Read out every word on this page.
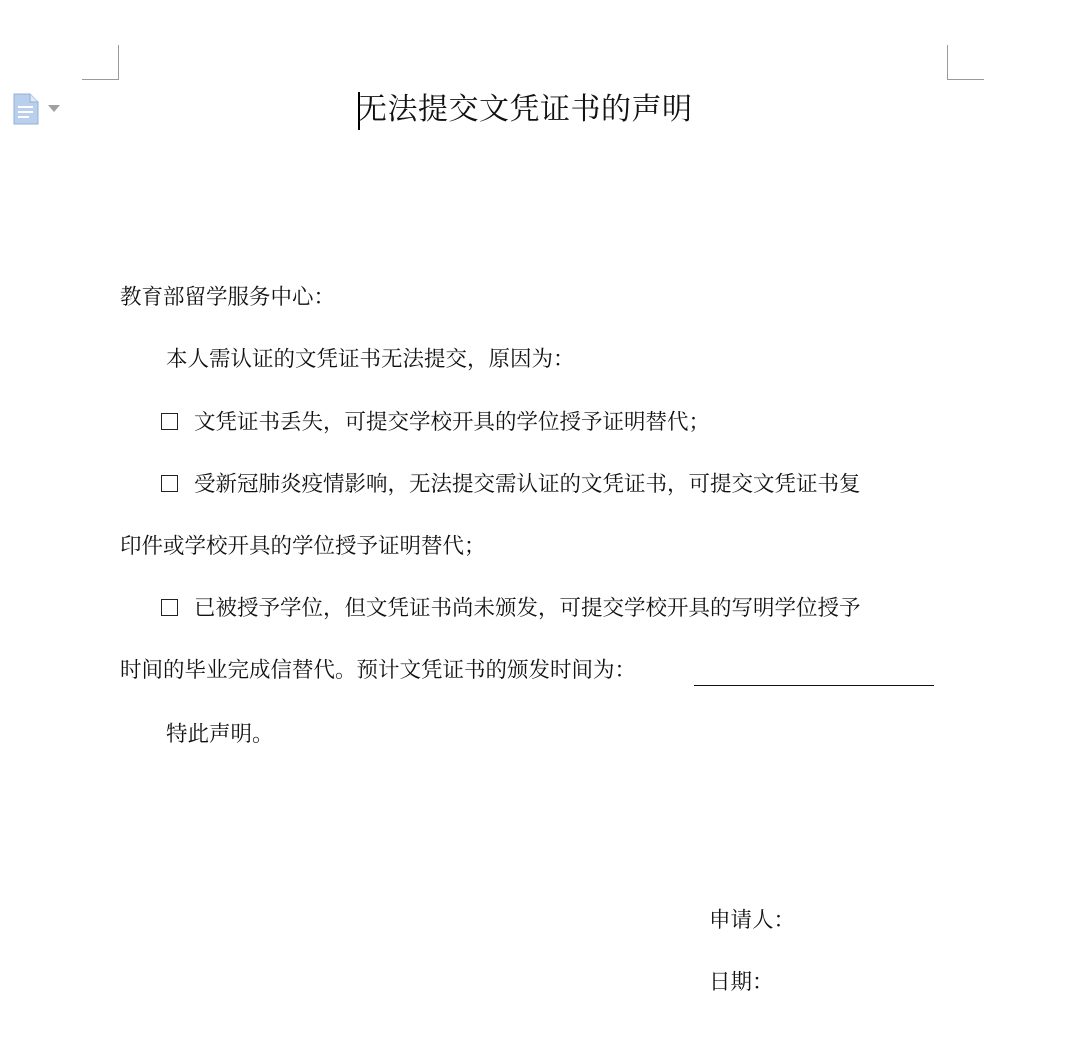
无法提交文凭证书的声明
教育部留学服务中心：
本人需认证的文凭证书无法提交，原因为：
文凭证书丢失，可提交学校开具的学位授予证明替代；
受新冠肺炎疫情影响，无法提交需认证的文凭证书，可提交文凭证书复
印件或学校开具的学位授予证明替代；
已被授予学位，但文凭证书尚未颁发，可提交学校开具的写明学位授予
时间的毕业完成信替代。预计文凭证书的颁发时间为：
特此声明。
申请人：
日期：
